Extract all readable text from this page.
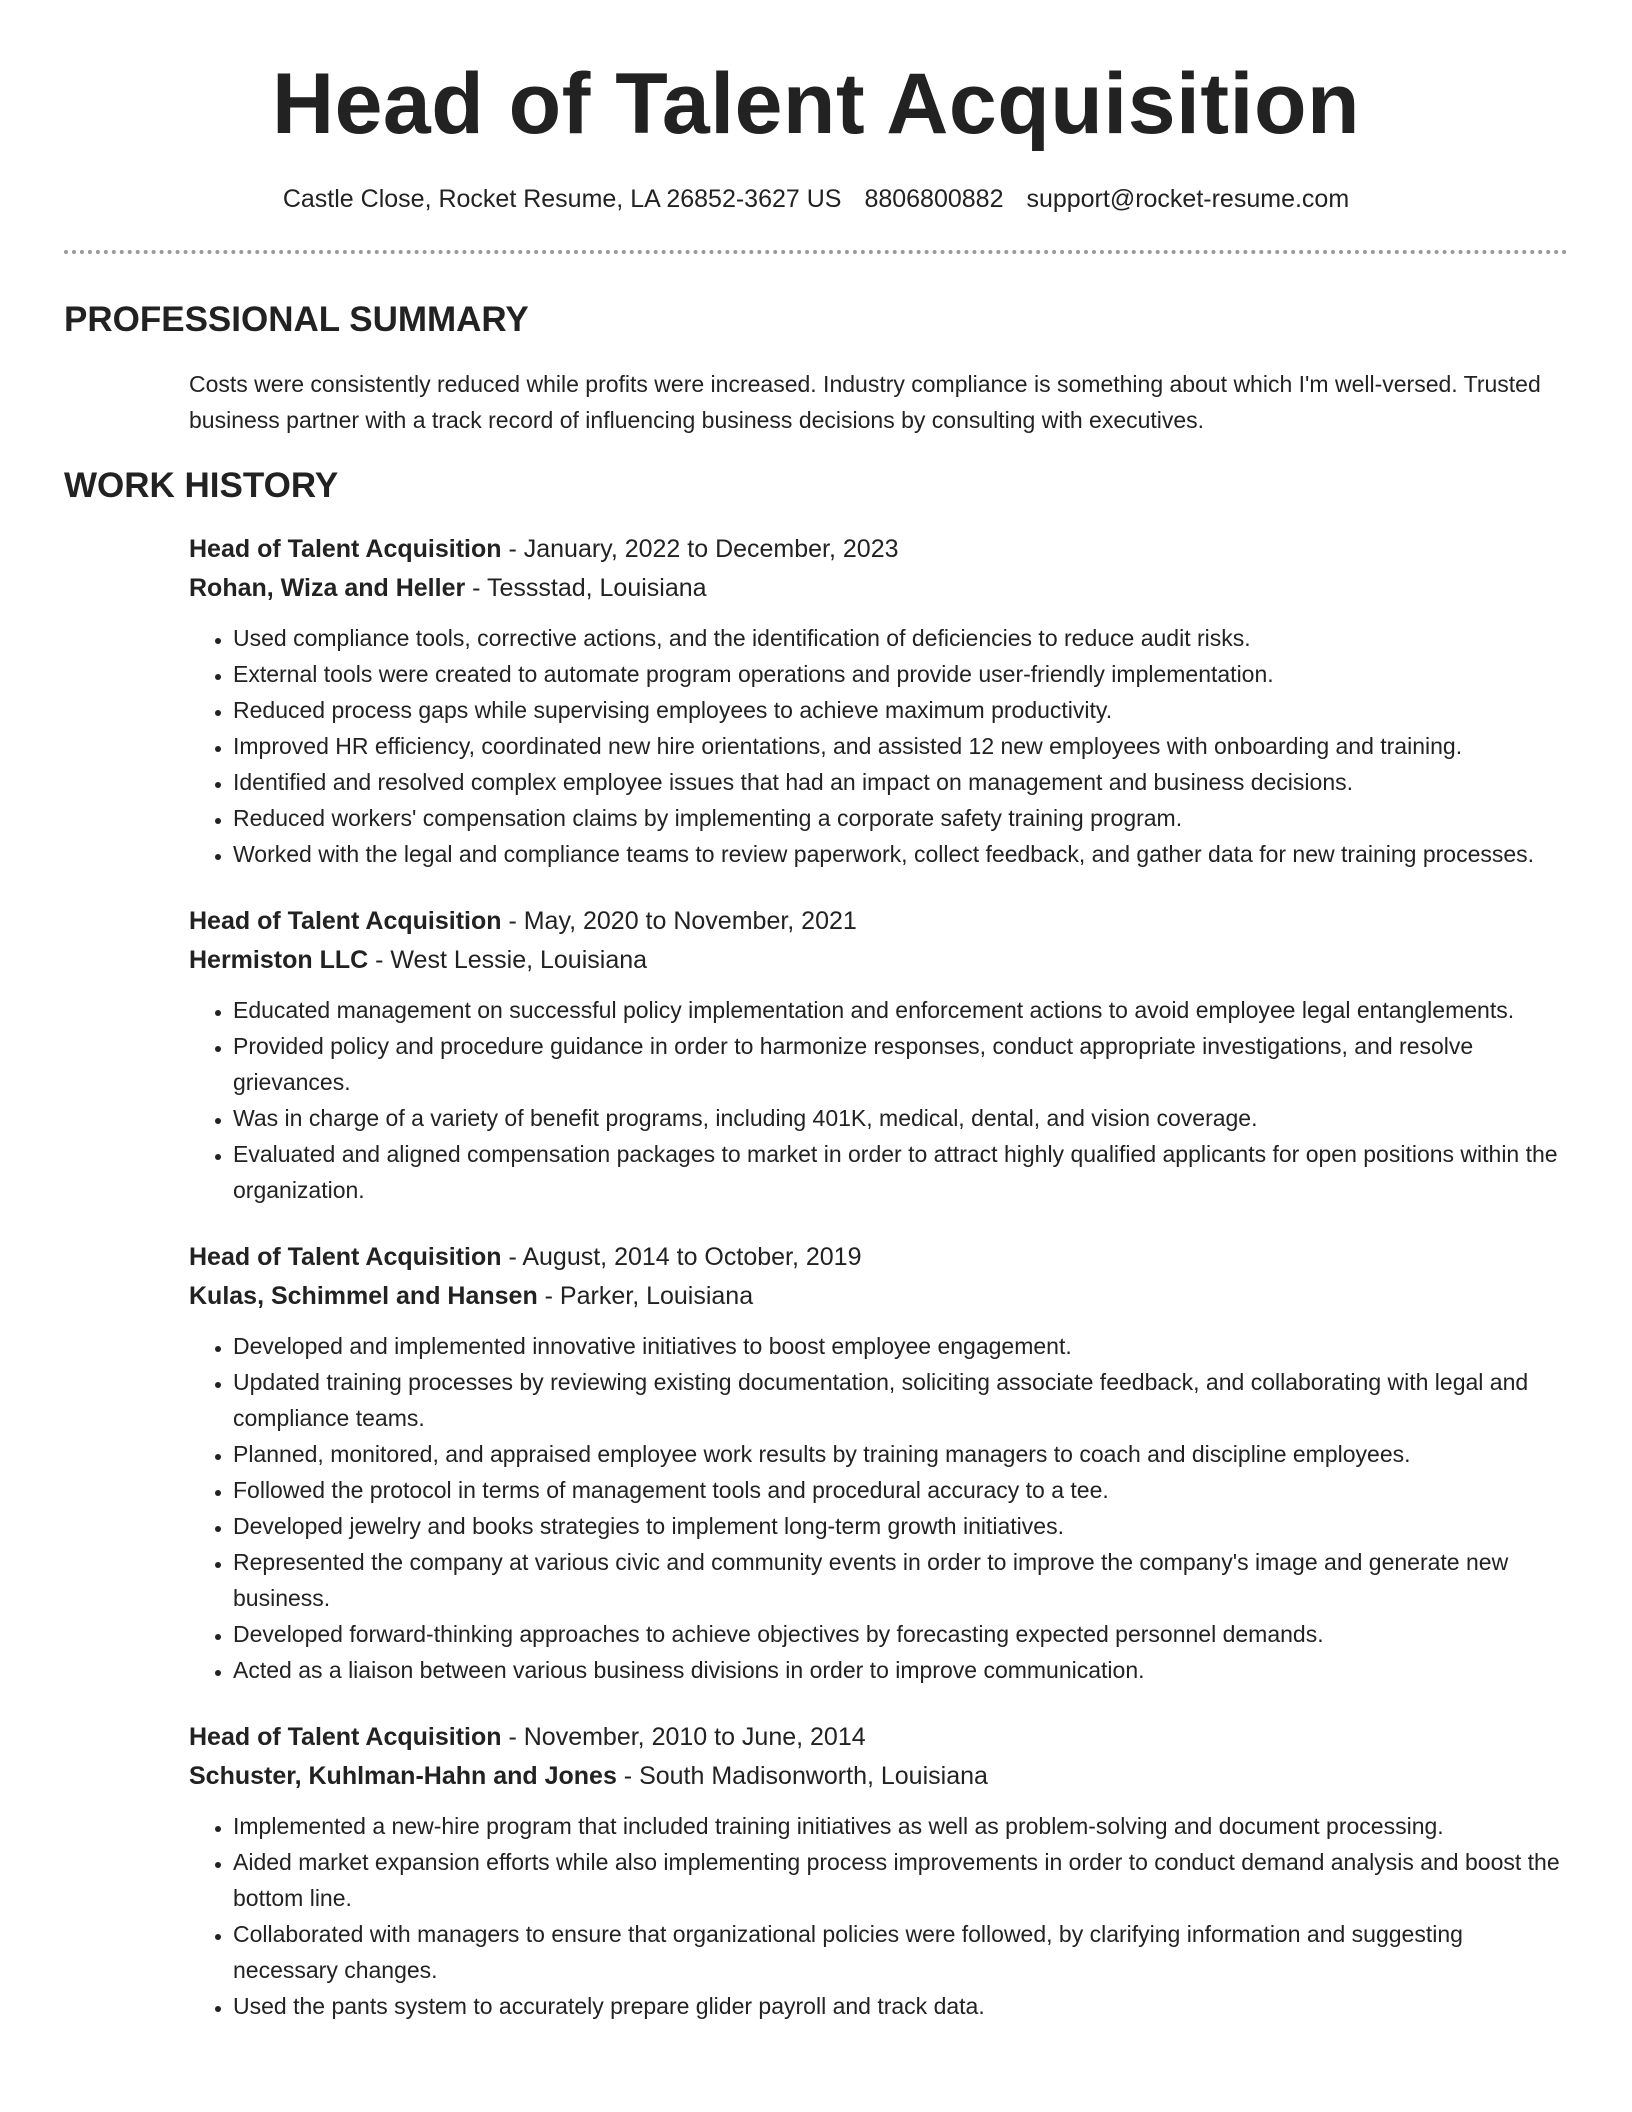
Head of Talent Acquisition
Castle Close, Rocket Resume, LA 26852-3627 US 8806800882 support@rocket-resume.com
PROFESSIONAL SUMMARY

Costs were consistently reduced while profits were increased. Industry compliance is something about which I'm well-versed. Trusted business partner with a track record of influencing business decisions by consulting with executives.

WORK HISTORY

Head of Talent Acquisition - January, 2022 to December, 2023

Rohan, Wiza and Heller - Tessstad, Louisiana

• Used compliance tools, corrective actions, and the identification of deficiencies to reduce audit risks.
• External tools were created to automate program operations and provide user-friendly implementation.
• Reduced process gaps while supervising employees to achieve maximum productivity.
• Improved HR efficiency, coordinated new hire orientations, and assisted 12 new employees with onboarding and training.
• Identified and resolved complex employee issues that had an impact on management and business decisions.
• Reduced workers' compensation claims by implementing a corporate safety training program.
• Worked with the legal and compliance teams to review paperwork, collect feedback, and gather data for new training processes.

Head of Talent Acquisition - May, 2020 to November, 2021

Hermiston LLC - West Lessie, Louisiana

• Educated management on successful policy implementation and enforcement actions to avoid employee legal entanglements.
• Provided policy and procedure guidance in order to harmonize responses, conduct appropriate investigations, and resolve grievances.
• Was in charge of a variety of benefit programs, including 401K, medical, dental, and vision coverage.
• Evaluated and aligned compensation packages to market in order to attract highly qualified applicants for open positions within the organization.

Head of Talent Acquisition - August, 2014 to October, 2019

Kulas, Schimmel and Hansen - Parker, Louisiana

• Developed and implemented innovative initiatives to boost employee engagement.
• Updated training processes by reviewing existing documentation, soliciting associate feedback, and collaborating with legal and compliance teams.
• Planned, monitored, and appraised employee work results by training managers to coach and discipline employees.
• Followed the protocol in terms of management tools and procedural accuracy to a tee.
• Developed jewelry and books strategies to implement long-term growth initiatives.
• Represented the company at various civic and community events in order to improve the company's image and generate new business.
• Developed forward-thinking approaches to achieve objectives by forecasting expected personnel demands.
• Acted as a liaison between various business divisions in order to improve communication.

Head of Talent Acquisition - November, 2010 to June, 2014

Schuster, Kuhlman-Hahn and Jones - South Madisonworth, Louisiana

• Implemented a new-hire program that included training initiatives as well as problem-solving and document processing.
• Aided market expansion efforts while also implementing process improvements in order to conduct demand analysis and boost the bottom line.
• Collaborated with managers to ensure that organizational policies were followed, by clarifying information and suggesting necessary changes.
• Used the pants system to accurately prepare glider payroll and track data.
